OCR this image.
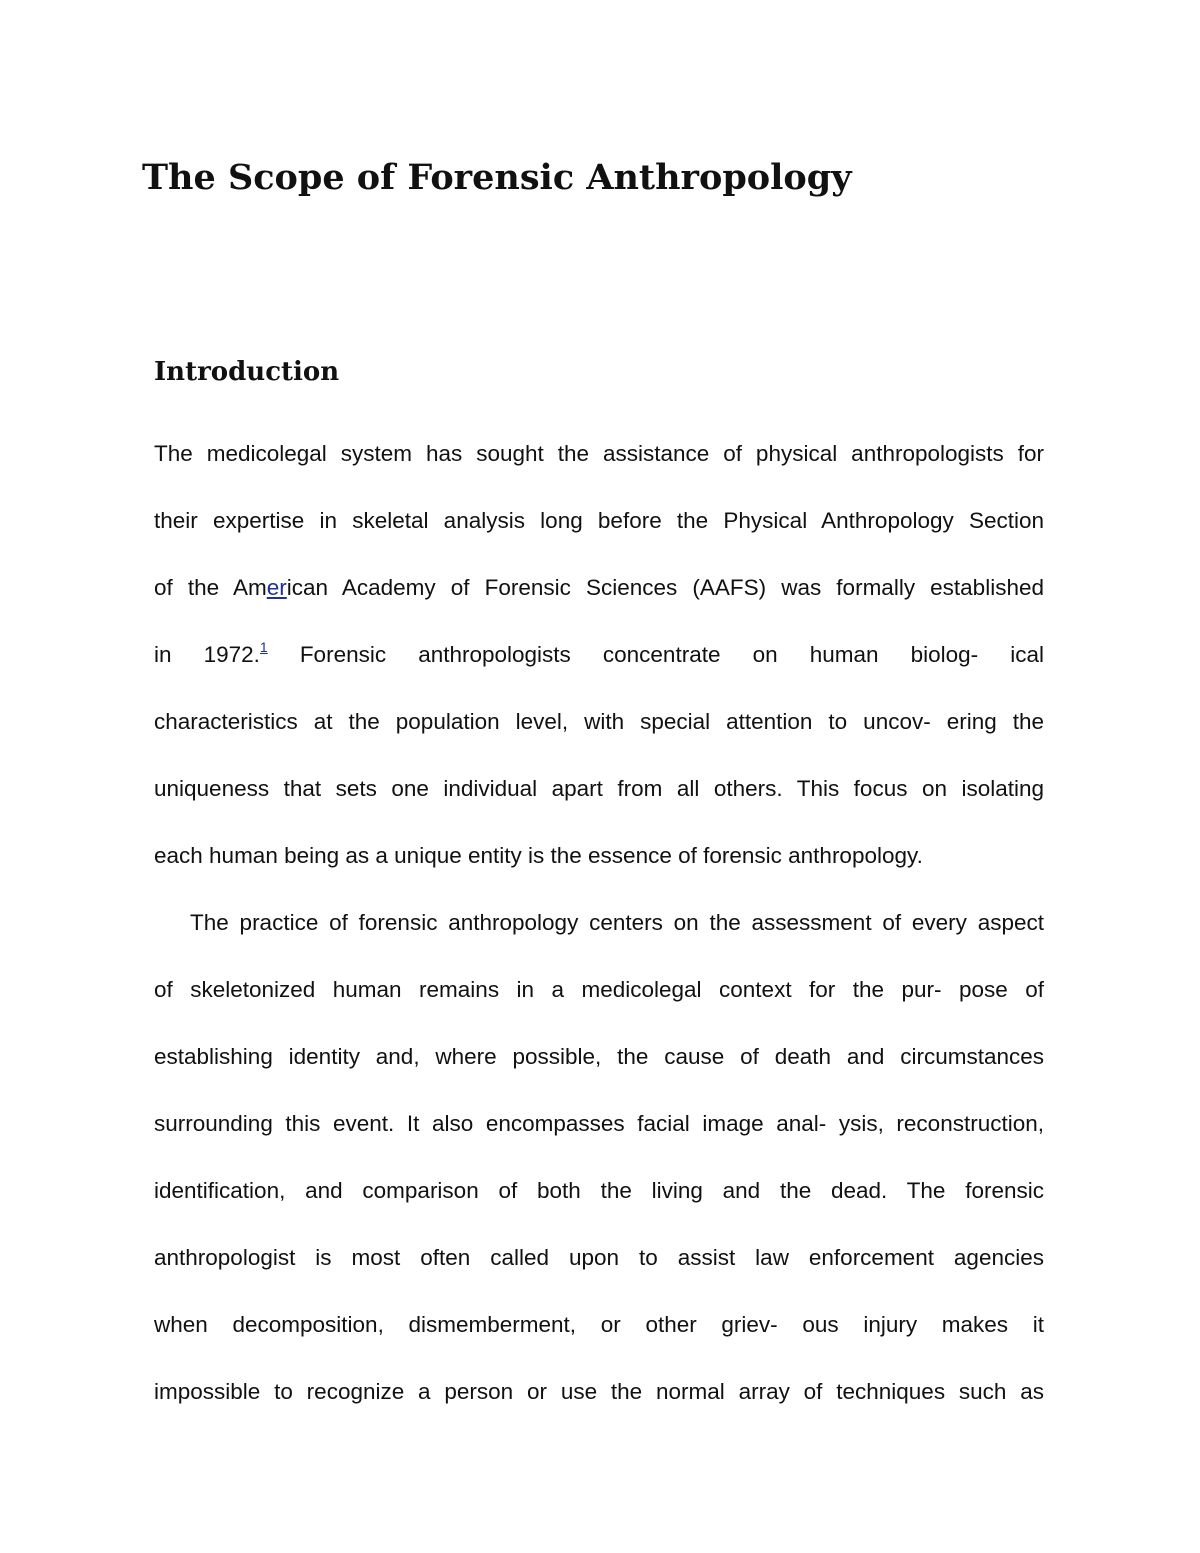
The Scope of Forensic Anthropology
Introduction
The medicolegal system has sought the assistance of physical anthropologists for
their expertise in skeletal analysis long before the Physical Anthropology Section
of the American Academy of Forensic Sciences (AAFS) was formally established
in 1972.$^1$ Forensic anthropologists concentrate on human biolog- ical
characteristics at the population level, with special attention to uncov- ering the
uniqueness that sets one individual apart from all others. This focus on isolating
each human being as a unique entity is the essence of forensic anthropology.
The practice of forensic anthropology centers on the assessment of every aspect
of skeletonized human remains in a medicolegal context for the pur- pose of
establishing identity and, where possible, the cause of death and circumstances
surrounding this event. It also encompasses facial image anal- ysis, reconstruction,
identification, and comparison of both the living and the dead. The forensic
anthropologist is most often called upon to assist law enforcement agencies
when decomposition, dismemberment, or other griev- ous injury makes it
impossible to recognize a person or use the normal array of techniques such as
